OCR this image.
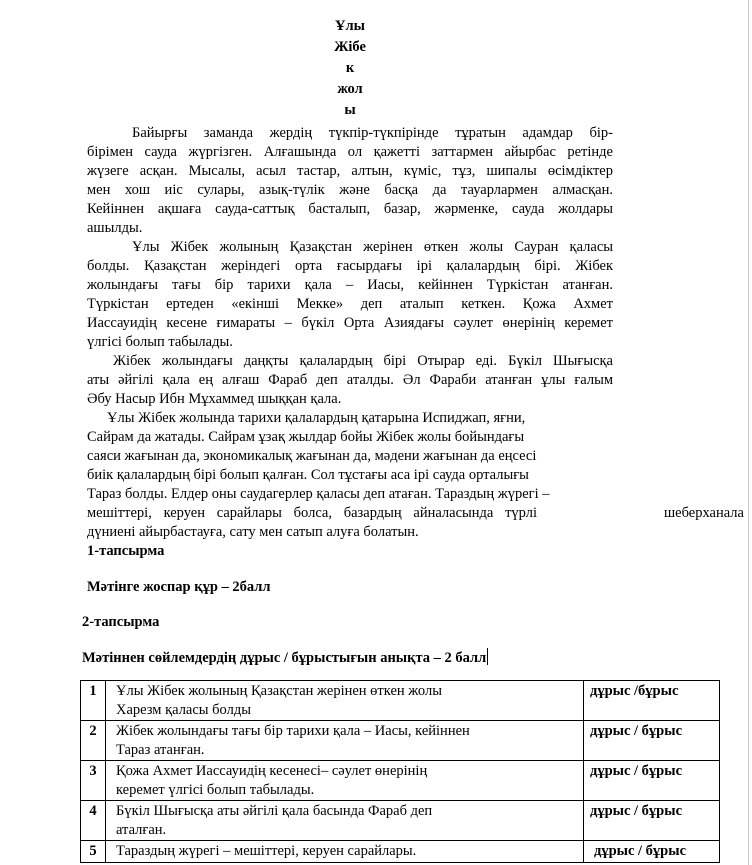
Ұлы
Жібе
к
жол
ы
Байырғы заманда жердің түкпір-түкпірінде тұратын адамдар бір-
бірімен сауда жүргізген. Алғашында ол қажетті заттармен айырбас ретінде
жүзеге асқан. Мысалы, асыл тастар, алтын, күміс, тұз, шипалы өсімдіктер
мен хош иіс сулары, азық-түлік және басқа да тауарлармен алмасқан.
Кейіннен ақшаға сауда-саттық басталып, базар, жәрменке, сауда жолдары
ашылды.
Ұлы Жібек жолының Қазақстан жерінен өткен жолы Сауран қаласы
болды. Қазақстан жеріндегі орта ғасырдағы ірі қалалардың бірі. Жібек
жолындағы тағы бір тарихи қала – Иасы, кейіннен Түркістан атанған.
Түркістан ертеден «екінші Мекке» деп аталып кеткен. Қожа Ахмет
Иассауидің кесене ғимараты – бүкіл Орта Азиядағы сәулет өнерінің керемет
үлгісі болып табылады.
Жібек жолындағы даңқты қалалардың бірі Отырар еді. Бүкіл Шығысқа
аты әйгілі қала ең алғаш Фараб деп аталды. Әл Фараби атанған ұлы ғалым
Әбу Насыр Ибн Мұхаммед шыққан қала.
Ұлы Жібек жолында тарихи қалалардың қатарына Испиджап, яғни,
Сайрам да жатады. Сайрам ұзақ жылдар бойы Жібек жолы бойындағы
саяси жағынан да, экономикалық жағынан да, мәдени жағынан да еңсесі
биік қалалардың бірі болып қалған. Сол тұстағы аса ірі сауда орталығы
Тараз болды. Елдер оны саудагерлер қаласы деп атаған. Тараздың жүрегі –
мешіттері, керуен сарайлары болса, базардың айналасында түрлі
дүниені айырбастауға, сату мен сатып алуға болатын.
шеберханала
1-тапсырма
Мәтінге жоспар құр – 2балл
2-тапсырма
Мәтіннен сөйлемдердің дұрыс / бұрыстығын анықта – 2 балл
1	Ұлы Жібек жолының Қазақстан жерінен өткен жолы
Харезм қаласы болды	дұрыс /бұрыс
2	Жібек жолындағы тағы бір тарихи қала – Иасы, кейіннен
Тараз атанған.	дұрыс / бұрыс
3	Қожа Ахмет Иассауидің кесенесі– сәулет өнерінің
керемет үлгісі болып табылады.	дұрыс / бұрыс
4	Бүкіл Шығысқа аты әйгілі қала басында Фараб деп
аталған.	дұрыс / бұрыс
5	Тараздың жүрегі – мешіттері, керуен сарайлары.	дұрыс / бұрыс
